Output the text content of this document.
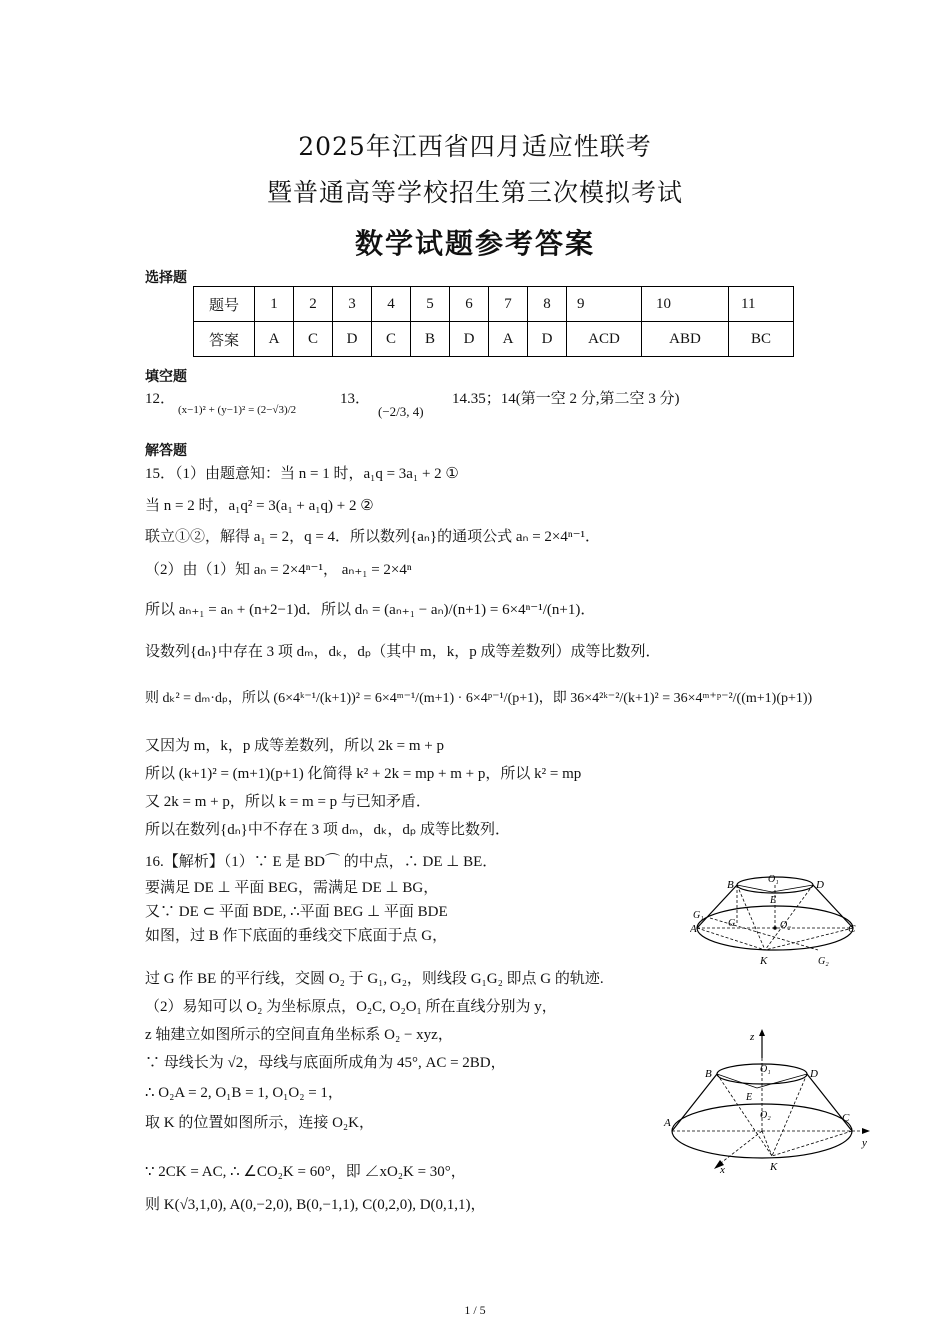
2025年江西省四月适应性联考
暨普通高等学校招生第三次模拟考试
数学试题参考答案
选择题
题号	1	2	3	4	5	6	7	8	9	10	11
答案	A	C	D	C	B	D	A	D	ACD	ABD	BC
填空题
12．
(x−1)² + (y−1)² = (2−√3)/2
13．
(−2/3, 4)
14.35；14(第一空 2 分,第二空 3 分)
解答题
15．（1）由题意知：当 n = 1 时，a₁q = 3a₁ + 2 ①
当 n = 2 时，a₁q² = 3(a₁ + a₁q) + 2 ②
联立①②，解得 a₁ = 2，q = 4．所以数列{aₙ}的通项公式 aₙ = 2×4ⁿ⁻¹．
（2）由（1）知 aₙ = 2×4ⁿ⁻¹， aₙ₊₁ = 2×4ⁿ
所以 aₙ₊₁ = aₙ + (n+2−1)d．所以 dₙ = (aₙ₊₁ − aₙ)/(n+1) = 6×4ⁿ⁻¹/(n+1)．
设数列{dₙ}中存在 3 项 dₘ，dₖ，dₚ（其中 m，k，p 成等差数列）成等比数列．
则 dₖ² = dₘ·dₚ，所以 (6×4ᵏ⁻¹/(k+1))² = 6×4ᵐ⁻¹/(m+1) · 6×4ᵖ⁻¹/(p+1)，即 36×4²ᵏ⁻²/(k+1)² = 36×4ᵐ⁺ᵖ⁻²/((m+1)(p+1))
又因为 m，k，p 成等差数列，所以 2k = m + p
所以 (k+1)² = (m+1)(p+1) 化简得 k² + 2k = mp + m + p，所以 k² = mp
又 2k = m + p，所以 k = m = p 与已知矛盾．
所以在数列{dₙ}中不存在 3 项 dₘ，dₖ，dₚ 成等比数列．
16.【解析】（1）∵ E 是 BD⌒ 的中点，∴ DE ⊥ BE．
要满足 DE ⊥ 平面 BEG，需满足 DE ⊥ BG，
又∵ DE ⊂ 平面 BDE, ∴平面 BEG ⊥ 平面 BDE
如图，过 B 作下底面的垂线交下底面于点 G，
过 G 作 BE 的平行线，交圆 O₂ 于 G₁, G₂，则线段 G₁G₂ 即点 G 的轨迹.
（2）易知可以 O₂ 为坐标原点，O₂C, O₂O₁ 所在直线分别为 y，
z 轴建立如图所示的空间直角坐标系 O₂ − xyz，
∵ 母线长为 √2，母线与底面所成角为 45°, AC = 2BD，
∴ O₂A = 2, O₁B = 1, O₁O₂ = 1，
取 K 的位置如图所示，连接 O₂K，
∵ 2CK = AC, ∴ ∠CO₂K = 60°，即 ∠xO₂K = 30°，
则 K(√3,1,0), A(0,−2,0), B(0,−1,1), C(0,2,0), D(0,1,1)，
B	O₁	D
E
G₁
G	O₂
A	C
K	G₂
z
B	O₁	D
E
O₂
A	C
y
x	K
1 / 5
